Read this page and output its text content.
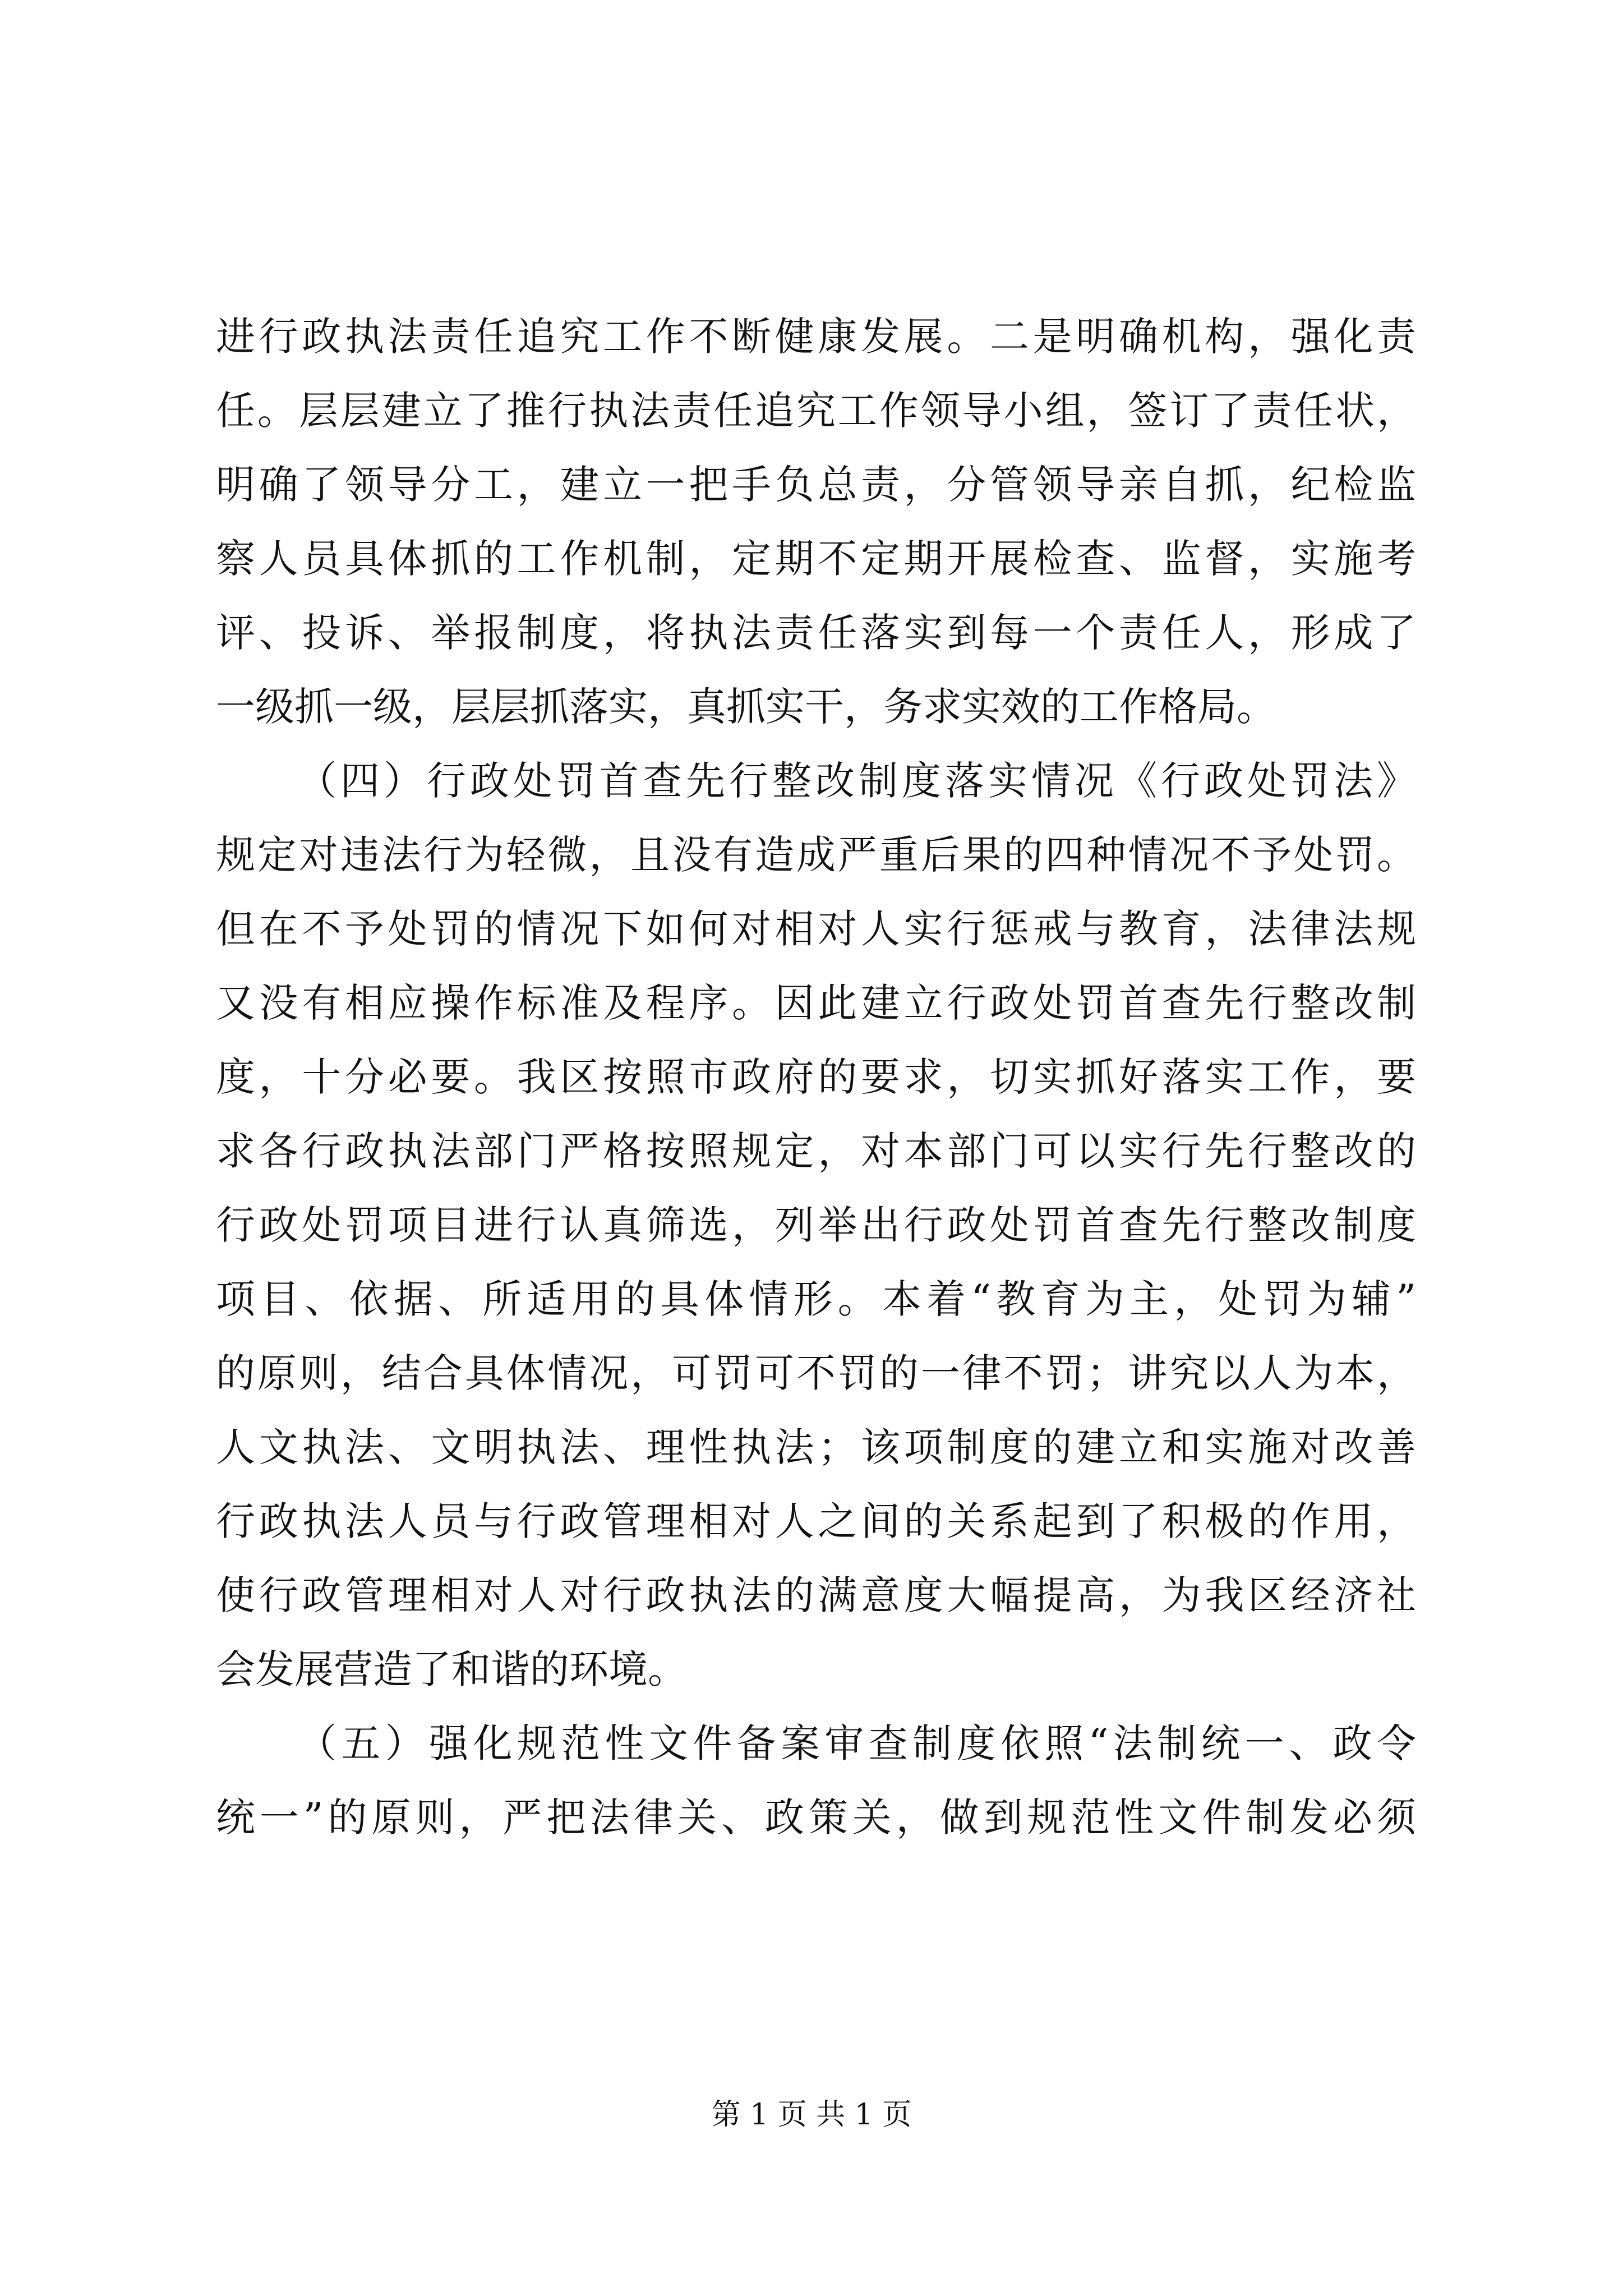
进行政执法责任追究工作不断健康发展。二是明确机构，强化责
任。层层建立了推行执法责任追究工作领导小组，签订了责任状，
明确了领导分工，建立一把手负总责，分管领导亲自抓，纪检监
察人员具体抓的工作机制，定期不定期开展检查、监督，实施考
评、投诉、举报制度，将执法责任落实到每一个责任人，形成了
一级抓一级，层层抓落实，真抓实干，务求实效的工作格局。
（四）行政处罚首查先行整改制度落实情况《行政处罚法》
规定对违法行为轻微，且没有造成严重后果的四种情况不予处罚。
但在不予处罚的情况下如何对相对人实行惩戒与教育，法律法规
又没有相应操作标准及程序。因此建立行政处罚首查先行整改制
度，十分必要。我区按照市政府的要求，切实抓好落实工作，要
求各行政执法部门严格按照规定，对本部门可以实行先行整改的
行政处罚项目进行认真筛选，列举出行政处罚首查先行整改制度
项目、依据、所适用的具体情形。本着“教育为主，处罚为辅”
的原则，结合具体情况，可罚可不罚的一律不罚；讲究以人为本，
人文执法、文明执法、理性执法；该项制度的建立和实施对改善
行政执法人员与行政管理相对人之间的关系起到了积极的作用，
使行政管理相对人对行政执法的满意度大幅提高，为我区经济社
会发展营造了和谐的环境。
（五）强化规范性文件备案审查制度依照“法制统一、政令
统一”的原则，严把法律关、政策关，做到规范性文件制发必须
第 1 页 共 1 页
